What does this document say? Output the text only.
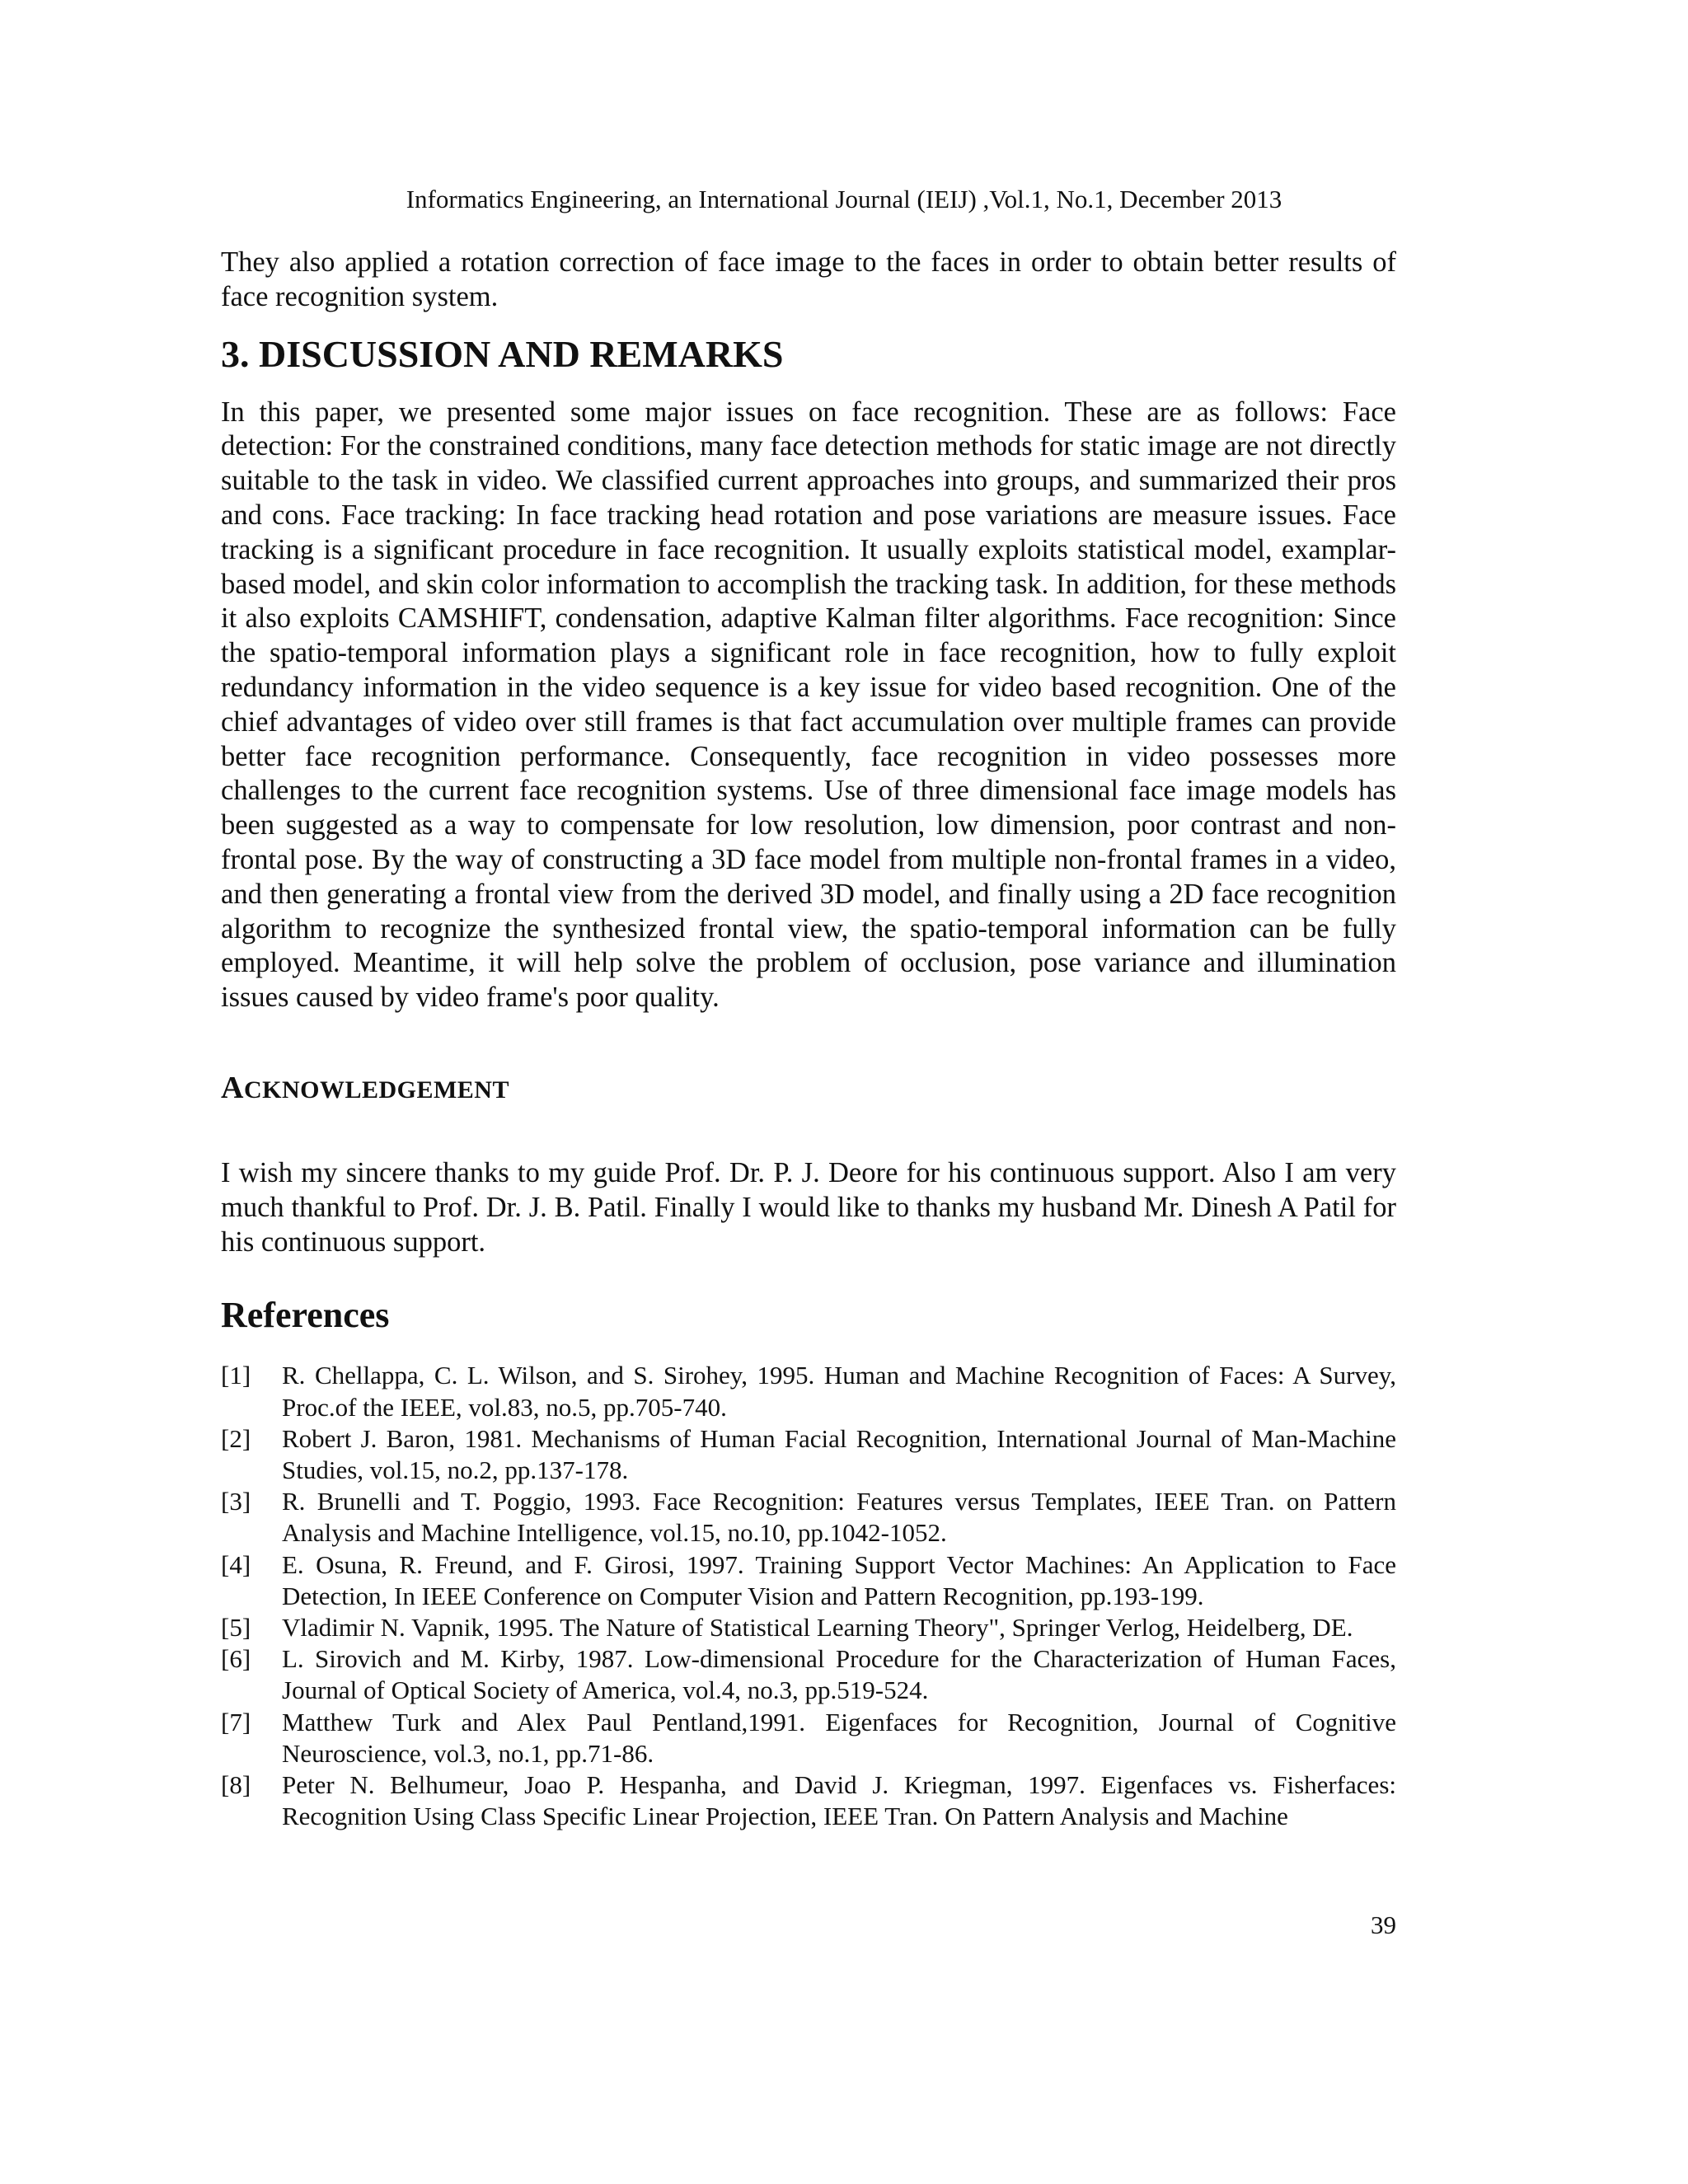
Informatics Engineering, an International Journal (IEIJ) ,Vol.1, No.1, December 2013

They also applied a rotation correction of face image to the faces in order to obtain better results of face recognition system.

3. DISCUSSION AND REMARKS

In this paper, we presented some major issues on face recognition. These are as follows: Face detection: For the constrained conditions, many face detection methods for static image are not directly suitable to the task in video. We classified current approaches into groups, and summarized their pros and cons. Face tracking: In face tracking head rotation and pose variations are measure issues. Face tracking is a significant procedure in face recognition. It usually exploits statistical model, examplar-based model, and skin color information to accomplish the tracking task. In addition, for these methods it also exploits CAMSHIFT, condensation, adaptive Kalman filter algorithms. Face recognition: Since the spatio-temporal information plays a significant role in face recognition, how to fully exploit redundancy information in the video sequence is a key issue for video based recognition. One of the chief advantages of video over still frames is that fact accumulation over multiple frames can provide better face recognition performance. Consequently, face recognition in video possesses more challenges to the current face recognition systems. Use of three dimensional face image models has been suggested as a way to compensate for low resolution, low dimension, poor contrast and non-frontal pose. By the way of constructing a 3D face model from multiple non-frontal frames in a video, and then generating a frontal view from the derived 3D model, and finally using a 2D face recognition algorithm to recognize the synthesized frontal view, the spatio-temporal information can be fully employed. Meantime, it will help solve the problem of occlusion, pose variance and illumination issues caused by video frame's poor quality.

ACKNOWLEDGEMENT

I wish my sincere thanks to my guide Prof. Dr. P. J. Deore for his continuous support. Also I am very much thankful to Prof. Dr. J. B. Patil. Finally I would like to thanks my husband Mr. Dinesh A Patil for his continuous support.

References
[1]	R. Chellappa, C. L. Wilson, and S. Sirohey, 1995. Human and Machine Recognition of Faces: A Survey, Proc.of the IEEE, vol.83, no.5, pp.705-740.
[2]	Robert J. Baron, 1981. Mechanisms of Human Facial Recognition, International Journal of Man-Machine Studies, vol.15, no.2, pp.137-178.
[3]	R. Brunelli and T. Poggio, 1993. Face Recognition: Features versus Templates, IEEE Tran. on Pattern Analysis and Machine Intelligence, vol.15, no.10, pp.1042-1052.
[4]	E. Osuna, R. Freund, and F. Girosi, 1997. Training Support Vector Machines: An Application to Face Detection, In IEEE Conference on Computer Vision and Pattern Recognition, pp.193-199.
[5]	Vladimir N. Vapnik, 1995. The Nature of Statistical Learning Theory", Springer Verlog, Heidelberg, DE.
[6]	L. Sirovich and M. Kirby, 1987. Low-dimensional Procedure for the Characterization of Human Faces, Journal of Optical Society of America, vol.4, no.3, pp.519-524.
[7]	Matthew Turk and Alex Paul Pentland,1991. Eigenfaces for Recognition, Journal of Cognitive Neuroscience, vol.3, no.1, pp.71-86.
[8]	Peter N. Belhumeur, Joao P. Hespanha, and David J. Kriegman, 1997. Eigenfaces vs. Fisherfaces: Recognition Using Class Specific Linear Projection, IEEE Tran. On Pattern Analysis and Machine
39
